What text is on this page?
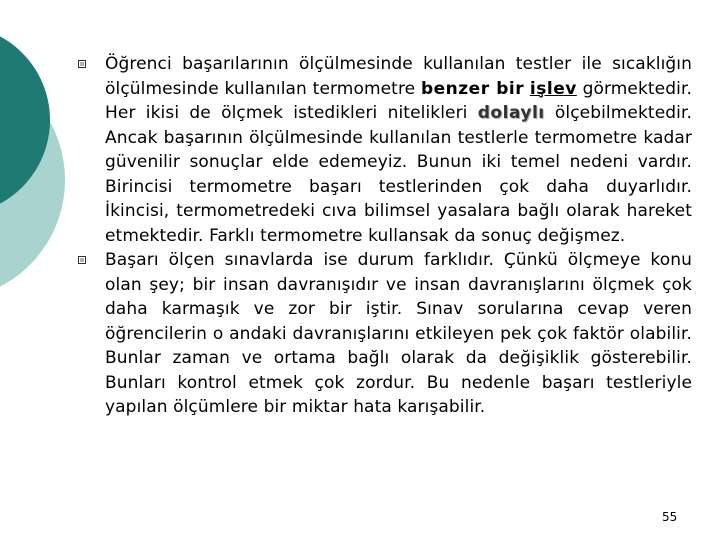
Öğrenci başarılarının ölçülmesinde kullanılan testler ile sıcaklığın ölçülmesinde kullanılan termometre benzer bir işlev görmektedir. Her ikisi de ölçmek istedikleri nitelikleri dolaylı ölçebilmektedir. Ancak başarının ölçülmesinde kullanılan testlerle termometre kadar güvenilir sonuçlar elde edemeyiz. Bunun iki temel nedeni vardır. Birincisi termometre başarı testlerinden çok daha duyarlıdır. İkincisi, termometredeki cıva bilimsel yasalara bağlı olarak hareket etmektedir. Farklı termometre kullansak da sonuç değişmez.
Başarı ölçen sınavlarda ise durum farklıdır. Çünkü ölçmeye konu olan şey; bir insan davranışıdır ve insan davranışlarını ölçmek çok daha karmaşık ve zor bir iştir. Sınav sorularına cevap veren öğrencilerin o andaki davranışlarını etkileyen pek çok faktör olabilir. Bunlar zaman ve ortama bağlı olarak da değişiklik gösterebilir. Bunları kontrol etmek çok zordur. Bu nedenle başarı testleriyle yapılan ölçümlere bir miktar hata karışabilir.
55
